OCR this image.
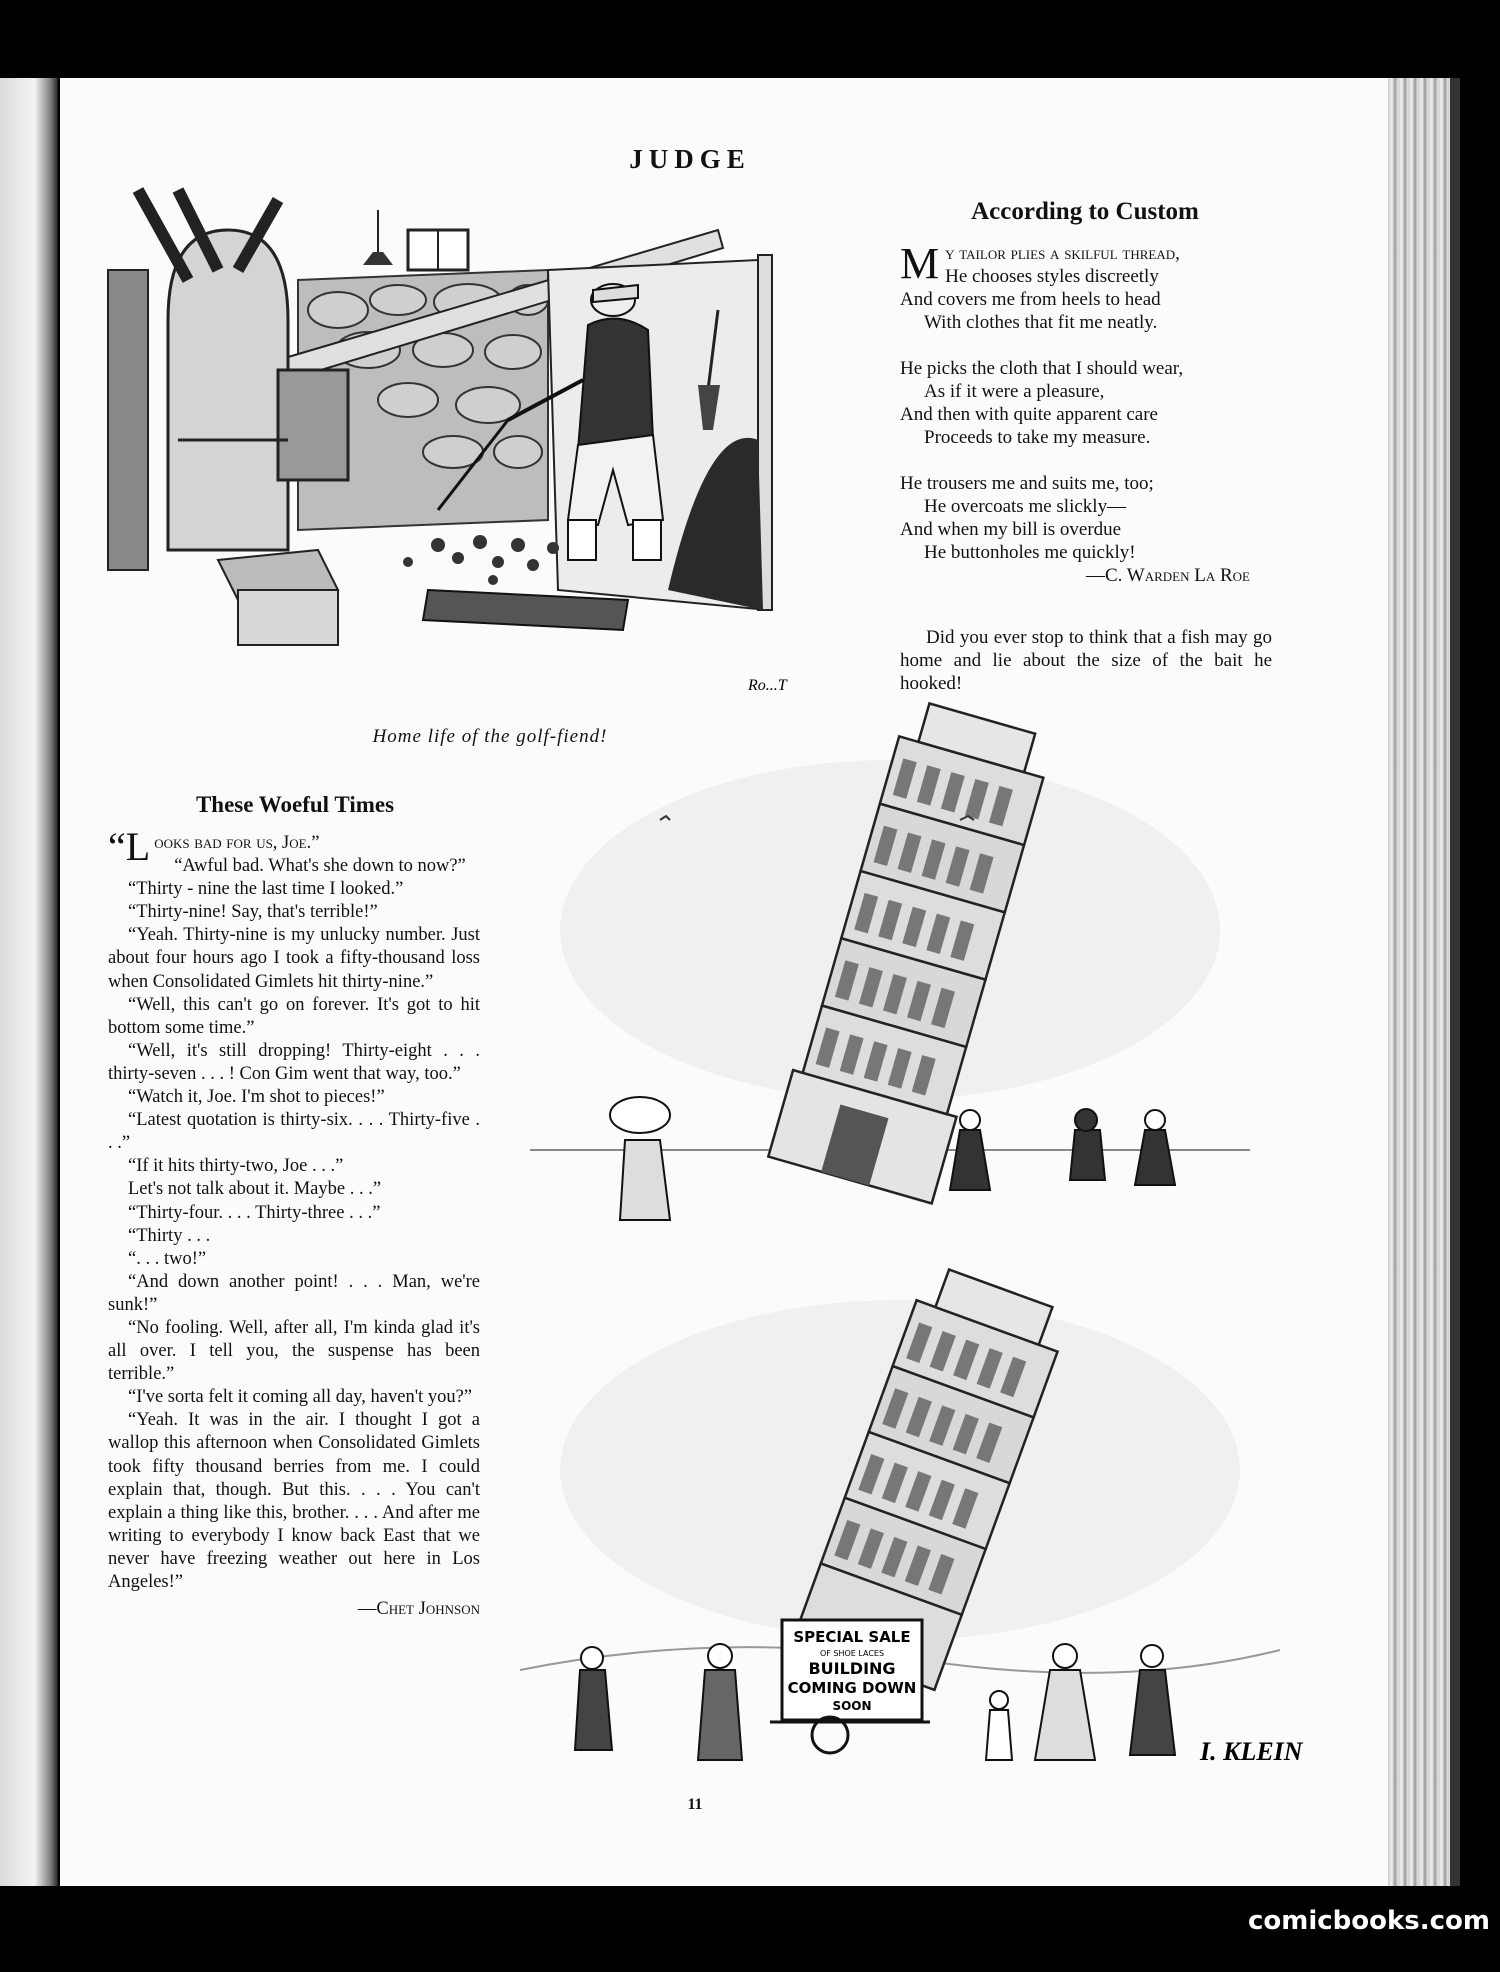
JUDGE
Ro...T
Home life of the golf-fiend!
According to Custom
My tailor plies a skilful thread,
He chooses styles discreetly
And covers me from heels to head
With clothes that fit me neatly.
He picks the cloth that I should wear,
As if it were a pleasure,
And then with quite apparent care
Proceeds to take my measure.
He trousers me and suits me, too;
He overcoats me slickly—
And when my bill is overdue
He buttonholes me quickly!
—C. Warden La Roe
Did you ever stop to think that a fish may go home and lie about the size of the bait he hooked!
These Woeful Times

“Looks bad for us, Joe.”

“Awful bad. What's she down to now?”

“Thirty - nine the last time I looked.”

“Thirty-nine! Say, that's terrible!”

“Yeah. Thirty-nine is my unlucky number. Just about four hours ago I took a fifty-thousand loss when Consolidated Gimlets hit thirty-nine.”

“Well, this can't go on forever. It's got to hit bottom some time.”

“Well, it's still dropping! Thirty-eight . . . thirty-seven . . . ! Con Gim went that way, too.”

“Watch it, Joe. I'm shot to pieces!”

“Latest quotation is thirty-six. . . . Thirty-five . . .”

“If it hits thirty-two, Joe . . .”

Let's not talk about it. Maybe . . .”

“Thirty-four. . . . Thirty-three . . .”

“Thirty . . .

“. . . two!”

“And down another point! . . . Man, we're sunk!”

“No fooling. Well, after all, I'm kinda glad it's all over. I tell you, the suspense has been terrible.”

“I've sorta felt it coming all day, haven't you?”

“Yeah. It was in the air. I thought I got a wallop this afternoon when Consolidated Gimlets took fifty thousand berries from me. I could explain that, though. But this. . . . You can't explain a thing like this, brother. . . . And after me writing to everybody I know back East that we never have freezing weather out here in Los Angeles!”

—Chet Johnson
SPECIAL SALE
OF SHOE LACES
BUILDING
COMING DOWN
SOON
I. KLEIN
11
comicbooks.com
